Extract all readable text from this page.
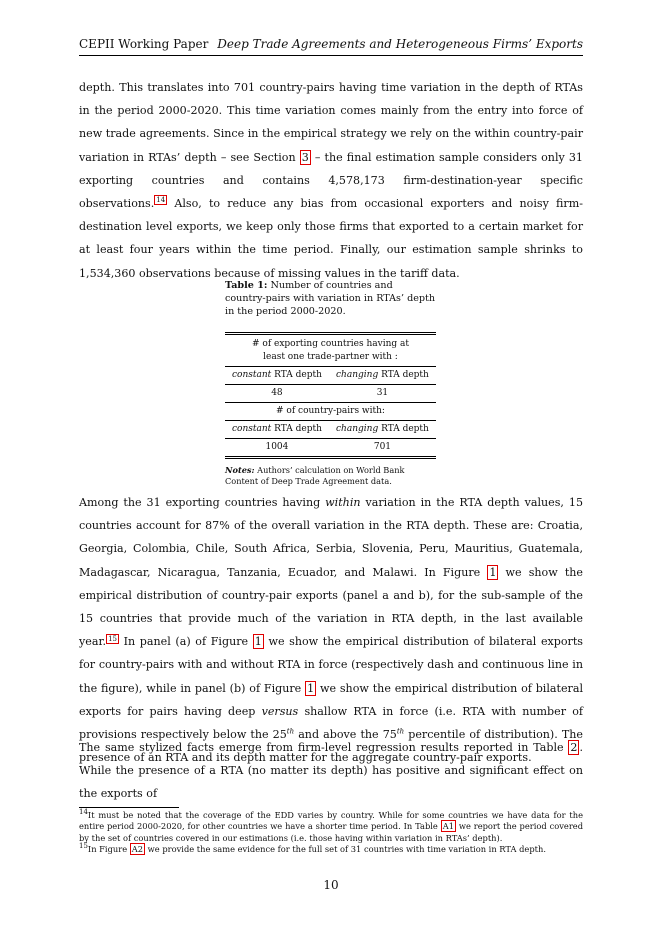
CEPII Working Paper Deep Trade Agreements and Heterogeneous Firms’ Exports
depth. This translates into 701 country-pairs having time variation in the depth of RTAs in the period 2000-2020. This time variation comes mainly from the entry into force of new trade agreements. Since in the empirical strategy we rely on the within country-pair variation in RTAs’ depth – see Section 3 – the final estimation sample considers only 31 exporting countries and contains 4,578,173 firm-destination-year specific observations. $^{14}$ Also, to reduce any bias from occasional exporters and noisy firm-destination level exports, we keep only those firms that exported to a certain market for at least four years within the time period. Finally, our estimation sample shrinks to 1,534,360 observations because of missing values in the tariff data.
Table 1: Number of countries and country-pairs with variation in RTAs’ depth in the period 2000-2020.
# of exporting countries having at
least one trade-partner with :	
constant RTA depth	changing RTA depth
48	31
# of country-pairs with:	
constant RTA depth	changing RTA depth
1004	701
Notes: Authors’ calculation on World Bank Content of Deep Trade Agreement data.
Among the 31 exporting countries having within variation in the RTA depth values, 15 countries account for 87% of the overall variation in the RTA depth. These are: Croatia, Georgia, Colombia, Chile, South Africa, Serbia, Slovenia, Peru, Mauritius, Guatemala, Madagascar, Nicaragua, Tanzania, Ecuador, and Malawi. In Figure 1 we show the empirical distribution of country-pair exports (panel a and b), for the sub-sample of the 15 countries that provide much of the variation in RTA depth, in the last available year. $^{15}$ In panel (a) of Figure 1 we show the empirical distribution of bilateral exports for country-pairs with and without RTA in force (respectively dash and continuous line in the figure), while in panel (b) of Figure 1 we show the empirical distribution of bilateral exports for pairs having deep versus shallow RTA in force (i.e. RTA with number of provisions respectively below the 25th and above the 75th percentile of distribution). The presence of an RTA and its depth matter for the aggregate country-pair exports.
The same stylized facts emerge from firm-level regression results reported in Table 2 . While the presence of a RTA (no matter its depth) has positive and significant effect on the exports of
$^{14}$It must be noted that the coverage of the EDD varies by country. While for some countries we have data for the entire period 2000-2020, for other countries we have a shorter time period. In Table A1 we report the period covered by the set of countries covered in our estimations (i.e. those having within variation in RTAs’ depth).
$^{15}$In Figure A2 we provide the same evidence for the full set of 31 countries with time variation in RTA depth.
10
